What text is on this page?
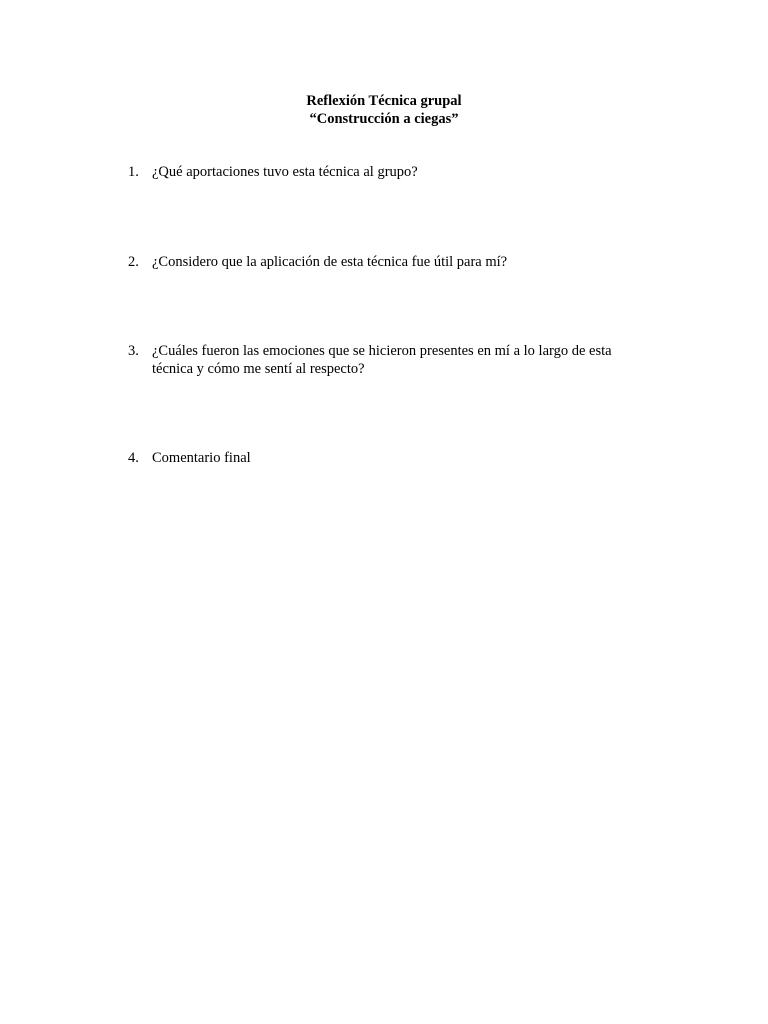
Reflexión Técnica grupal
“Construcción a ciegas”
1. ¿Qué aportaciones tuvo esta técnica al grupo?
2. ¿Considero que la aplicación de esta técnica fue útil para mí?
3. ¿Cuáles fueron las emociones que se hicieron presentes en mí a lo largo de esta técnica y cómo me sentí al respecto?
4. Comentario final
